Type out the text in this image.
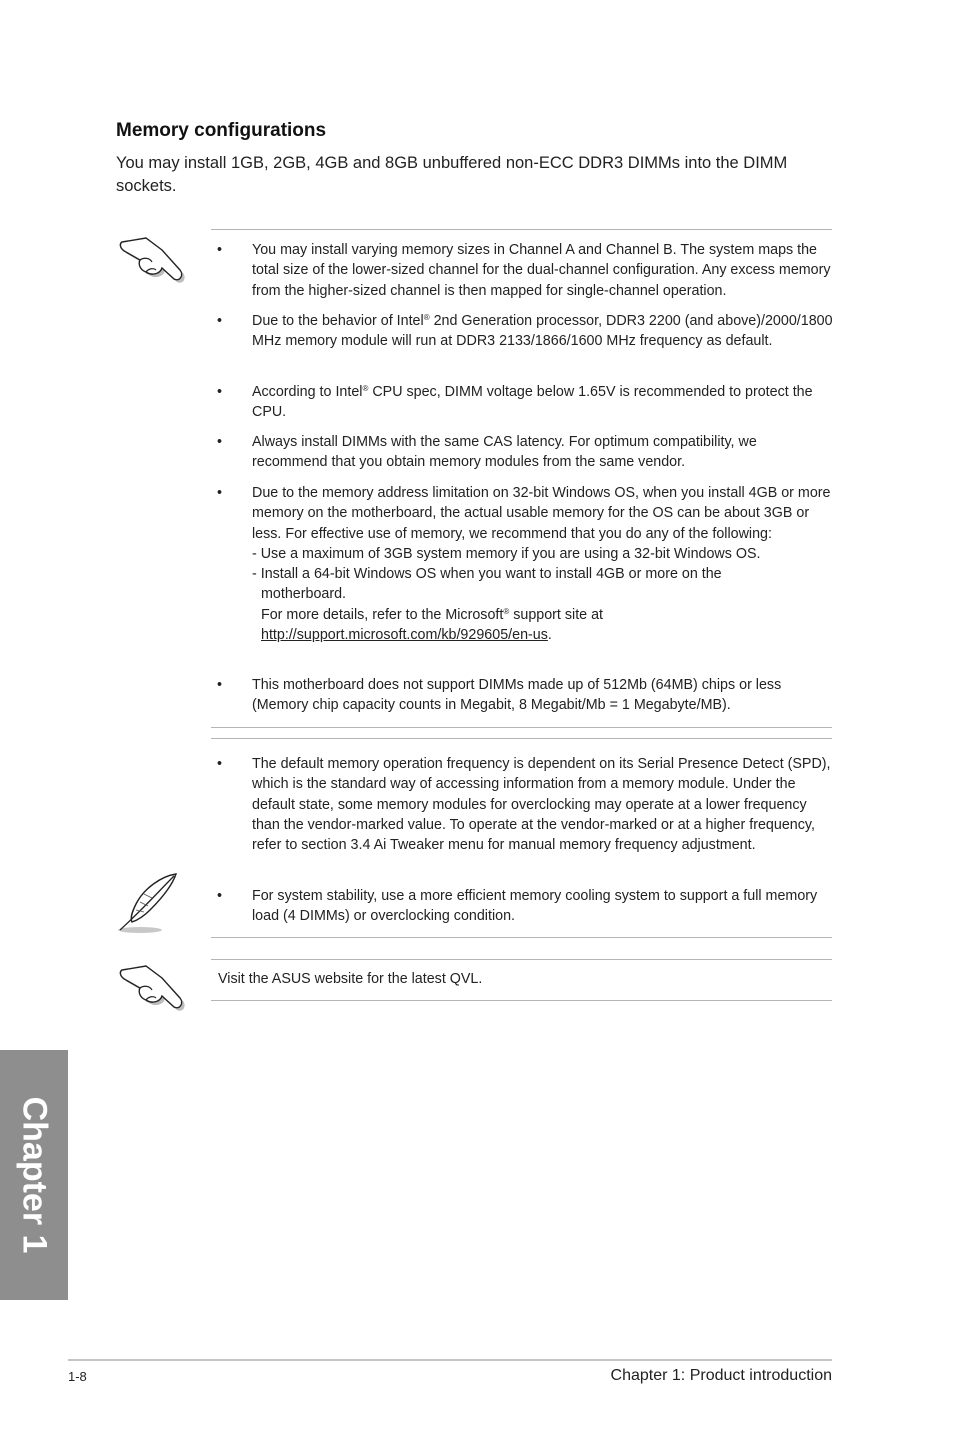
Memory configurations
You may install 1GB, 2GB, 4GB and 8GB unbuffered non-ECC DDR3 DIMMs into the DIMM sockets.
• You may install varying memory sizes in Channel A and Channel B. The system maps the total size of the lower-sized channel for the dual-channel configuration. Any excess memory from the higher-sized channel is then mapped for single-channel operation.
• Due to the behavior of Intel® 2nd Generation processor, DDR3 2200 (and above)/2000/1800 MHz memory module will run at DDR3 2133/1866/1600 MHz frequency as default.
• According to Intel® CPU spec, DIMM voltage below 1.65V is recommended to protect the CPU.
• Always install DIMMs with the same CAS latency. For optimum compatibility, we recommend that you obtain memory modules from the same vendor.
• Due to the memory address limitation on 32-bit Windows OS, when you install 4GB or more memory on the motherboard, the actual usable memory for the OS can be about 3GB or less. For effective use of memory, we recommend that you do any of the following:
- Use a maximum of 3GB system memory if you are using a 32-bit Windows OS.
- Install a 64-bit Windows OS when you want to install 4GB or more on the
motherboard.
For more details, refer to the Microsoft® support site at
http://support.microsoft.com/kb/929605/en-us.
• This motherboard does not support DIMMs made up of 512Mb (64MB) chips or less (Memory chip capacity counts in Megabit, 8 Megabit/Mb = 1 Megabyte/MB).
• The default memory operation frequency is dependent on its Serial Presence Detect (SPD), which is the standard way of accessing information from a memory module. Under the default state, some memory modules for overclocking may operate at a lower frequency than the vendor-marked value. To operate at the vendor-marked or at a higher frequency, refer to section 3.4 Ai Tweaker menu for manual memory frequency adjustment.
• For system stability, use a more efficient memory cooling system to support a full memory load (4 DIMMs) or overclocking condition.
Visit the ASUS website for the latest QVL.
Chapter 1
1-8	Chapter 1: Product introduction
